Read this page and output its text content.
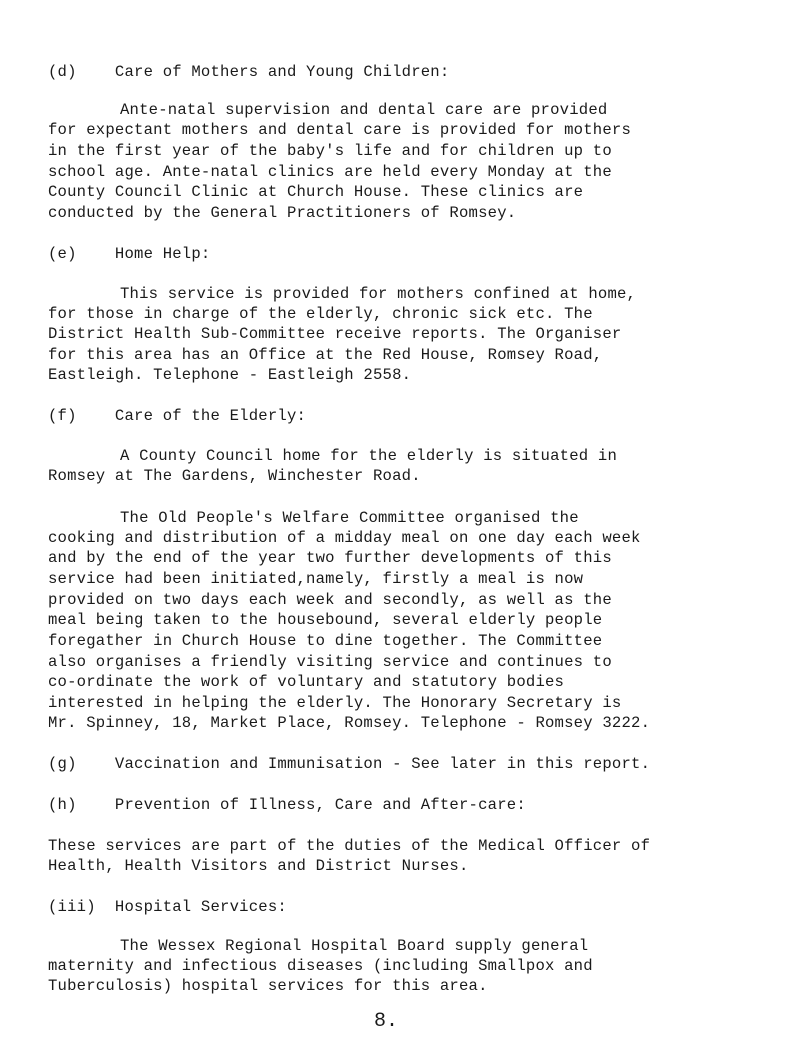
(d)    Care of Mothers and Young Children:
Ante-natal supervision and dental care are provided
for expectant mothers and dental care is provided for mothers
in the first year of the baby's life and for children up to
school age. Ante-natal clinics are held every Monday at the
County Council Clinic at Church House. These clinics are
conducted by the General Practitioners of Romsey.
(e)    Home Help:
This service is provided for mothers confined at home,
for those in charge of the elderly, chronic sick etc. The
District Health Sub-Committee receive reports. The Organiser
for this area has an Office at the Red House, Romsey Road,
Eastleigh. Telephone - Eastleigh 2558.
(f)    Care of the Elderly:
A County Council home for the elderly is situated in
Romsey at The Gardens, Winchester Road.
The Old People's Welfare Committee organised the
cooking and distribution of a midday meal on one day each week
and by the end of the year two further developments of this
service had been initiated,namely, firstly a meal is now
provided on two days each week and secondly, as well as the
meal being taken to the housebound, several elderly people
foregather in Church House to dine together. The Committee
also organises a friendly visiting service and continues to
co-ordinate the work of voluntary and statutory bodies
interested in helping the elderly. The Honorary Secretary is
Mr. Spinney, 18, Market Place, Romsey. Telephone - Romsey 3222.
(g)    Vaccination and Immunisation - See later in this report.
(h)    Prevention of Illness, Care and After-care:
These services are part of the duties of the Medical Officer of
Health, Health Visitors and District Nurses.
(iii)  Hospital Services:
The Wessex Regional Hospital Board supply general
maternity and infectious diseases (including Smallpox and
Tuberculosis) hospital services for this area.
8.
